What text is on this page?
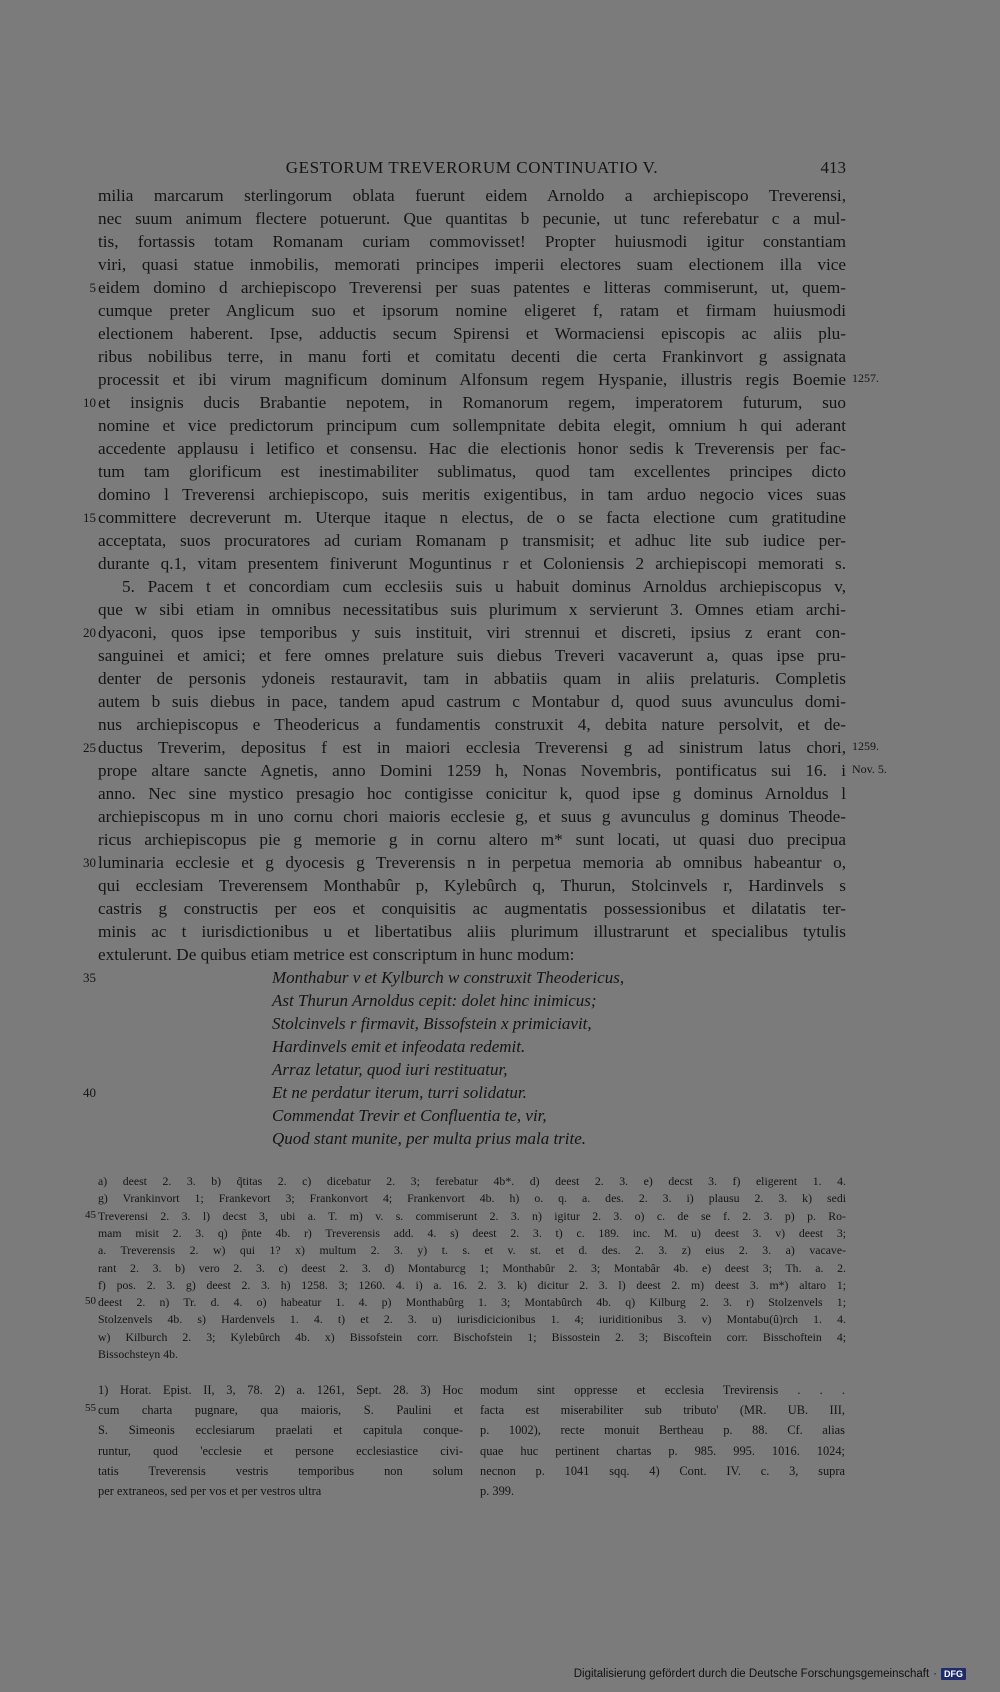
GESTORUM TREVERORUM CONTINUATIO V.	413
milia marcarum sterlingorum oblata fuerunt eidem Arnoldo a archiepiscopo Treverensi,
nec suum animum flectere potuerunt. Que quantitas b pecunie, ut tunc referebatur c a mul-
tis, fortassis totam Romanam curiam commovisset! Propter huiusmodi igitur constantiam
viri, quasi statue inmobilis, memorati principes imperii electores suam electionem illa vice
5 eidem domino d archiepiscopo Treverensi per suas patentes e litteras commiserunt, ut, quem-
cumque preter Anglicum suo et ipsorum nomine eligeret f, ratam et firmam huiusmodi
electionem haberent. Ipse, adductis secum Spirensi et Wormaciensi episcopis ac aliis plu-
ribus nobilibus terre, in manu forti et comitatu decenti die certa Frankinvort g assignata
processit et ibi virum magnificum dominum Alfonsum regem Hyspanie, illustris regis Boemie 1257.
10 et insignis ducis Brabantie nepotem, in Romanorum regem, imperatorem futurum, suo
nomine et vice predictorum principum cum sollempnitate debita elegit, omnium h qui aderant
accedente applausu i letifico et consensu. Hac die electionis honor sedis k Treverensis per fac-
tum tam glorificum est inestimabiliter sublimatus, quod tam excellentes principes dicto
domino l Treverensi archiepiscopo, suis meritis exigentibus, in tam arduo negocio vices suas
15 committere decreverunt m. Uterque itaque n electus, de o se facta electione cum gratitudine
acceptata, suos procuratores ad curiam Romanam p transmisit; et adhuc lite sub iudice per-
durante q.1, vitam presentem finiverunt Moguntinus r et Coloniensis 2 archiepiscopi memorati s.
5. Pacem t et concordiam cum ecclesiis suis u habuit dominus Arnoldus archiepiscopus v,
que w sibi etiam in omnibus necessitatibus suis plurimum x servierunt 3. Omnes etiam archi-
20 dyaconi, quos ipse temporibus y suis instituit, viri strennui et discreti, ipsius z erant con-
sanguinei et amici; et fere omnes prelature suis diebus Treveri vacaverunt a, quas ipse pru-
denter de personis ydoneis restauravit, tam in abbatiis quam in aliis prelaturis. Completis
autem b suis diebus in pace, tandem apud castrum c Montabur d, quod suus avunculus domi-
nus archiepiscopus e Theodericus a fundamentis construxit 4, debita nature persolvit, et de-
25 ductus Treverim, depositus f est in maiori ecclesia Treverensi g ad sinistrum latus chori, 1259.
prope altare sancte Agnetis, anno Domini 1259 h, Nonas Novembris, pontificatus sui 16. i Nov. 5.
anno. Nec sine mystico presagio hoc contigisse conicitur k, quod ipse g dominus Arnoldus l
archiepiscopus m in uno cornu chori maioris ecclesie g, et suus g avunculus g dominus Theode-
ricus archiepiscopus pie g memorie g in cornu altero m* sunt locati, ut quasi duo precipua
30 luminaria ecclesie et g dyocesis g Treverensis n in perpetua memoria ab omnibus habeantur o,
qui ecclesiam Treverensem Monthabûr p, Kylebûrch q, Thurun, Stolcinvels r, Hardinvels s
castris g constructis per eos et conquisitis ac augmentatis possessionibus et dilatatis ter-
minis ac t iurisdictionibus u et libertatibus aliis plurimum illustrarunt et specialibus tytulis
extulerunt. De quibus etiam metrice est conscriptum in hunc modum:
35	Monthabur v et Kylburch w construxit Theodericus,
Ast Thurun Arnoldus cepit: dolet hinc inimicus;
Stolcinvels r firmavit, Bissofstein x primiciavit,
Hardinvels emit et infeodata redemit.
Arraz letatur, quod iuri restituatur,
40	Et ne perdatur iterum, turri solidatur.
Commendat Trevir et Confluentia te, vir,
Quod stant munite, per multa prius mala trite.
a) deest 2. 3. b) q̃titas 2. c) dicebatur 2. 3; ferebatur 4b*. d) deest 2. 3. e) decst 3. f) eligerent 1. 4.
g) Vrankinvort 1; Frankevort 3; Frankonvort 4; Frankenvort 4b. h) o. q. a. des. 2. 3. i) plausu 2. 3. k) sedi
45 Treverensi 2. 3. l) decst 3, ubi a. T. m) v. s. commiserunt 2. 3. n) igitur 2. 3. o) c. de se f. 2. 3. p) p. Ro-
mam misit 2. 3. q) p̃nte 4b. r) Treverensis add. 4. s) deest 2. 3. t) c. 189. inc. M. u) deest 3. v) deest 3;
a. Treverensis 2. w) qui 1? x) multum 2. 3. y) t. s. et v. st. et d. des. 2. 3. z) eius 2. 3. a) vacave-
rant 2. 3. b) vero 2. 3. c) deest 2. 3. d) Montaburcg 1; Monthabûr 2. 3; Montabâr 4b. e) deest 3; Th. a. 2.
f) pos. 2. 3. g) deest 2. 3. h) 1258. 3; 1260. 4. i) a. 16. 2. 3. k) dicitur 2. 3. l) deest 2. m) deest 3. m*) altaro 1;
50 deest 2. n) Tr. d. 4. o) habeatur 1. 4. p) Monthabûrg 1. 3; Montabûrch 4b. q) Kilburg 2. 3. r) Stolzenvels 1;
Stolzenvels 4b. s) Hardenvels 1. 4. t) et 2. 3. u) iurisdicicionibus 1. 4; iuriditionibus 3. v) Montabu(û)rch 1. 4.
w) Kilburch 2. 3; Kylebûrch 4b. x) Bissofstein corr. Bischofstein 1; Bissostein 2. 3; Biscoftein corr. Bisschoftein 4;
Bissochsteyn 4b.
1) Horat. Epist. II, 3, 78. 2) a. 1261, Sept. 28. 3) Hoc
cum charta pugnare, qua maioris, S. Paulini et
S. Simeonis ecclesiarum praelati et capitula conque-
runtur, quod 'ecclesie et persone ecclesiastice civi-
tatis Treverensis vestris temporibus non solum
per extraneos, sed per vos et per vestros ultra
55
modum sint oppresse et ecclesia Trevirensis . . .
facta est miserabiliter sub tributo' (MR. UB. III,
p. 1002), recte monuit Bertheau p. 88. Cf. alias
quae huc pertinent chartas p. 985. 995. 1016. 1024;
necnon p. 1041 sqq. 4) Cont. IV. c. 3, supra
p. 399.
Digitalisierung gefördert durch die Deutsche Forschungsgemeinschaft · DFG
